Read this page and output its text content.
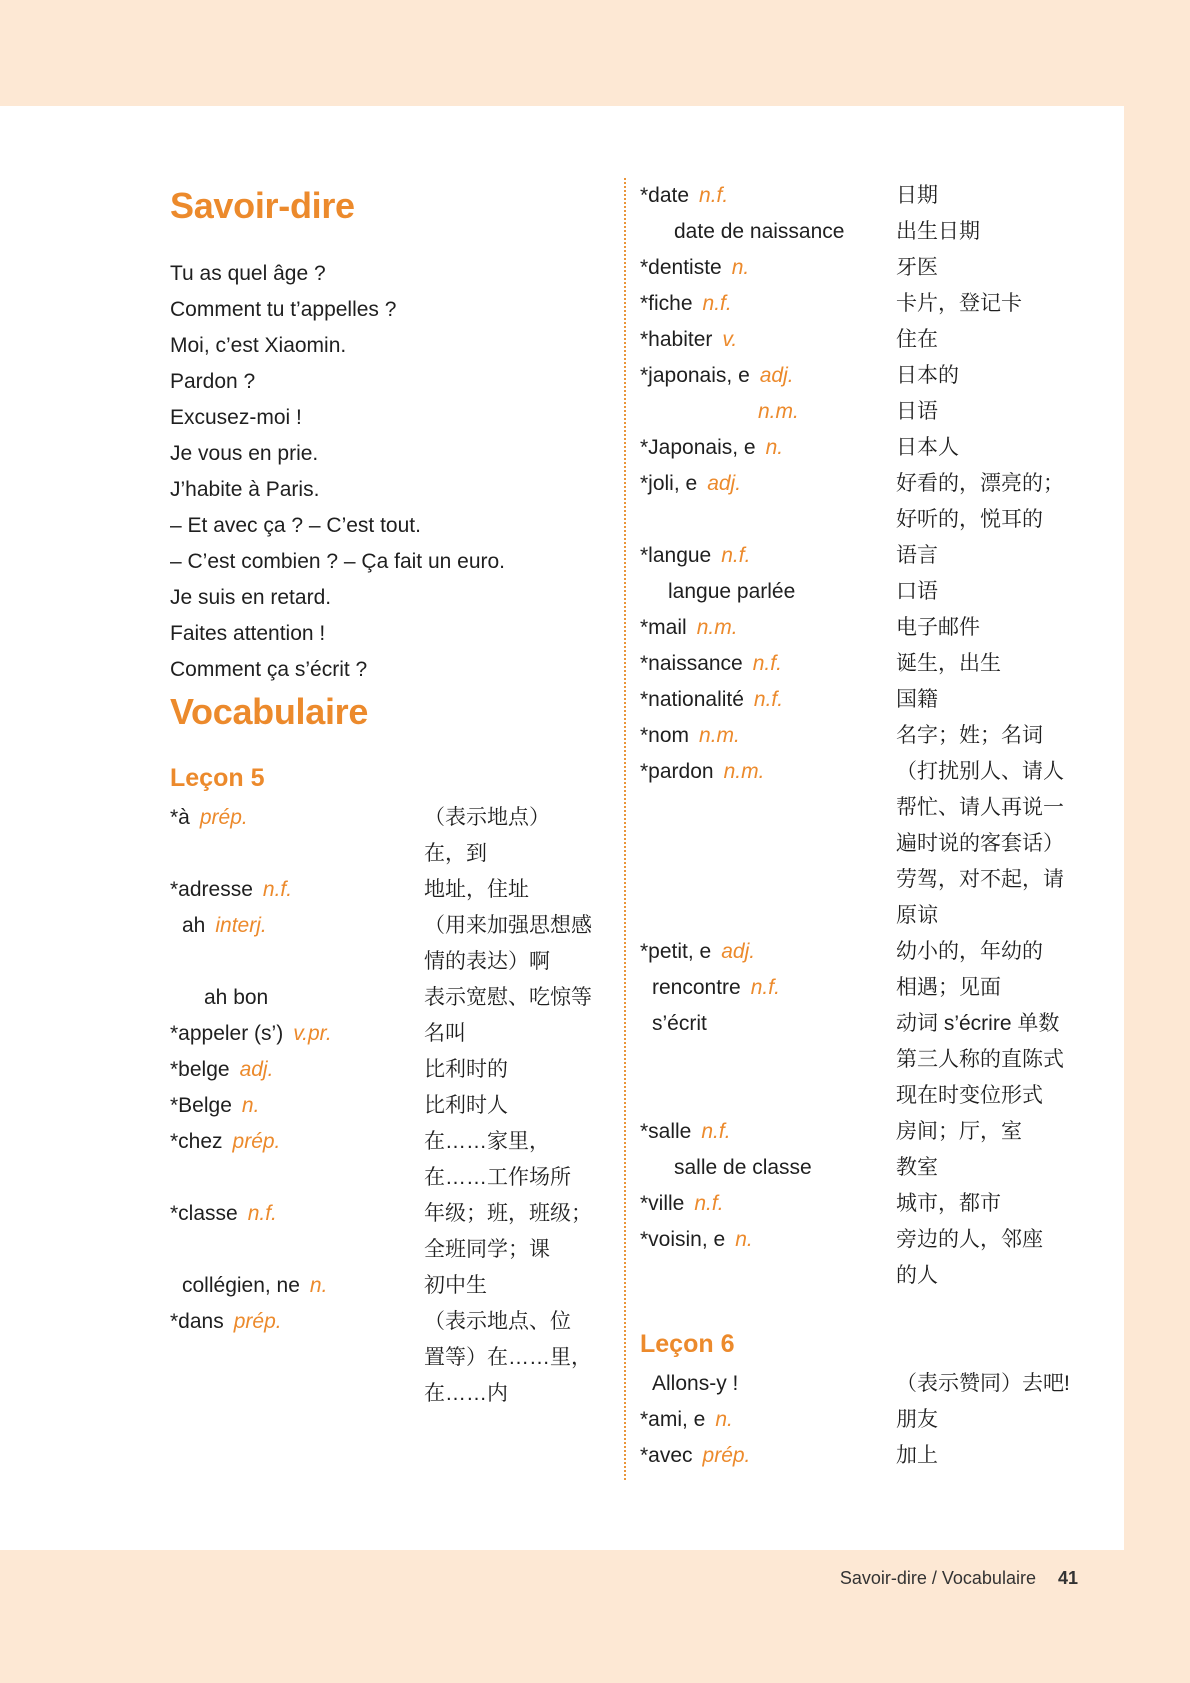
Savoir-dire
Tu as quel âge ?
Comment tu t’appelles ?
Moi, c’est Xiaomin.
Pardon ?
Excusez-moi !
Je vous en prie.
J’habite à Paris.
– Et avec ça ? – C’est tout.
– C’est combien ? – Ça fait un euro.
Je suis en retard.
Faites attention !
Comment ça s’écrit ?
Vocabulaire
Leçon 5
*à prép.	（表示地点）
在，到
*adresse n.f.	地址，住址
ah interj.	（用来加强思想感
情的表达）啊
ah bon	表示宽慰、吃惊等
*appeler (s’) v.pr.	名叫
*belge adj.	比利时的
*Belge n.	比利时人
*chez prép.	在……家里，
在……工作场所
*classe n.f.	年级；班，班级；
全班同学；课
collégien, ne n.	初中生
*dans prép.	（表示地点、位
置等）在……里，
在……内
*date n.f.	日期
date de naissance	出生日期
*dentiste n.	牙医
*fiche n.f.	卡片，登记卡
*habiter v.	住在
*japonais, e adj.	日本的
n.m.	日语
*Japonais, e n.	日本人
*joli, e adj.	好看的，漂亮的；
好听的，悦耳的
*langue n.f.	语言
langue parlée	口语
*mail n.m.	电子邮件
*naissance n.f.	诞生，出生
*nationalité n.f.	国籍
*nom n.m.	名字；姓；名词
*pardon n.m.	（打扰别人、请人
帮忙、请人再说一
遍时说的客套话）
劳驾，对不起，请
原谅
*petit, e adj.	幼小的，年幼的
rencontre n.f.	相遇；见面
s’écrit	动词 s’écrire 单数
第三人称的直陈式
现在时变位形式
*salle n.f.	房间；厅，室
salle de classe	教室
*ville n.f.	城市，都市
*voisin, e n.	旁边的人，邻座
的人
Leçon 6
Allons-y !	（表示赞同）去吧!
*ami, e n.	朋友
*avec prép.	加上
Savoir-dire / Vocabulaire 41
